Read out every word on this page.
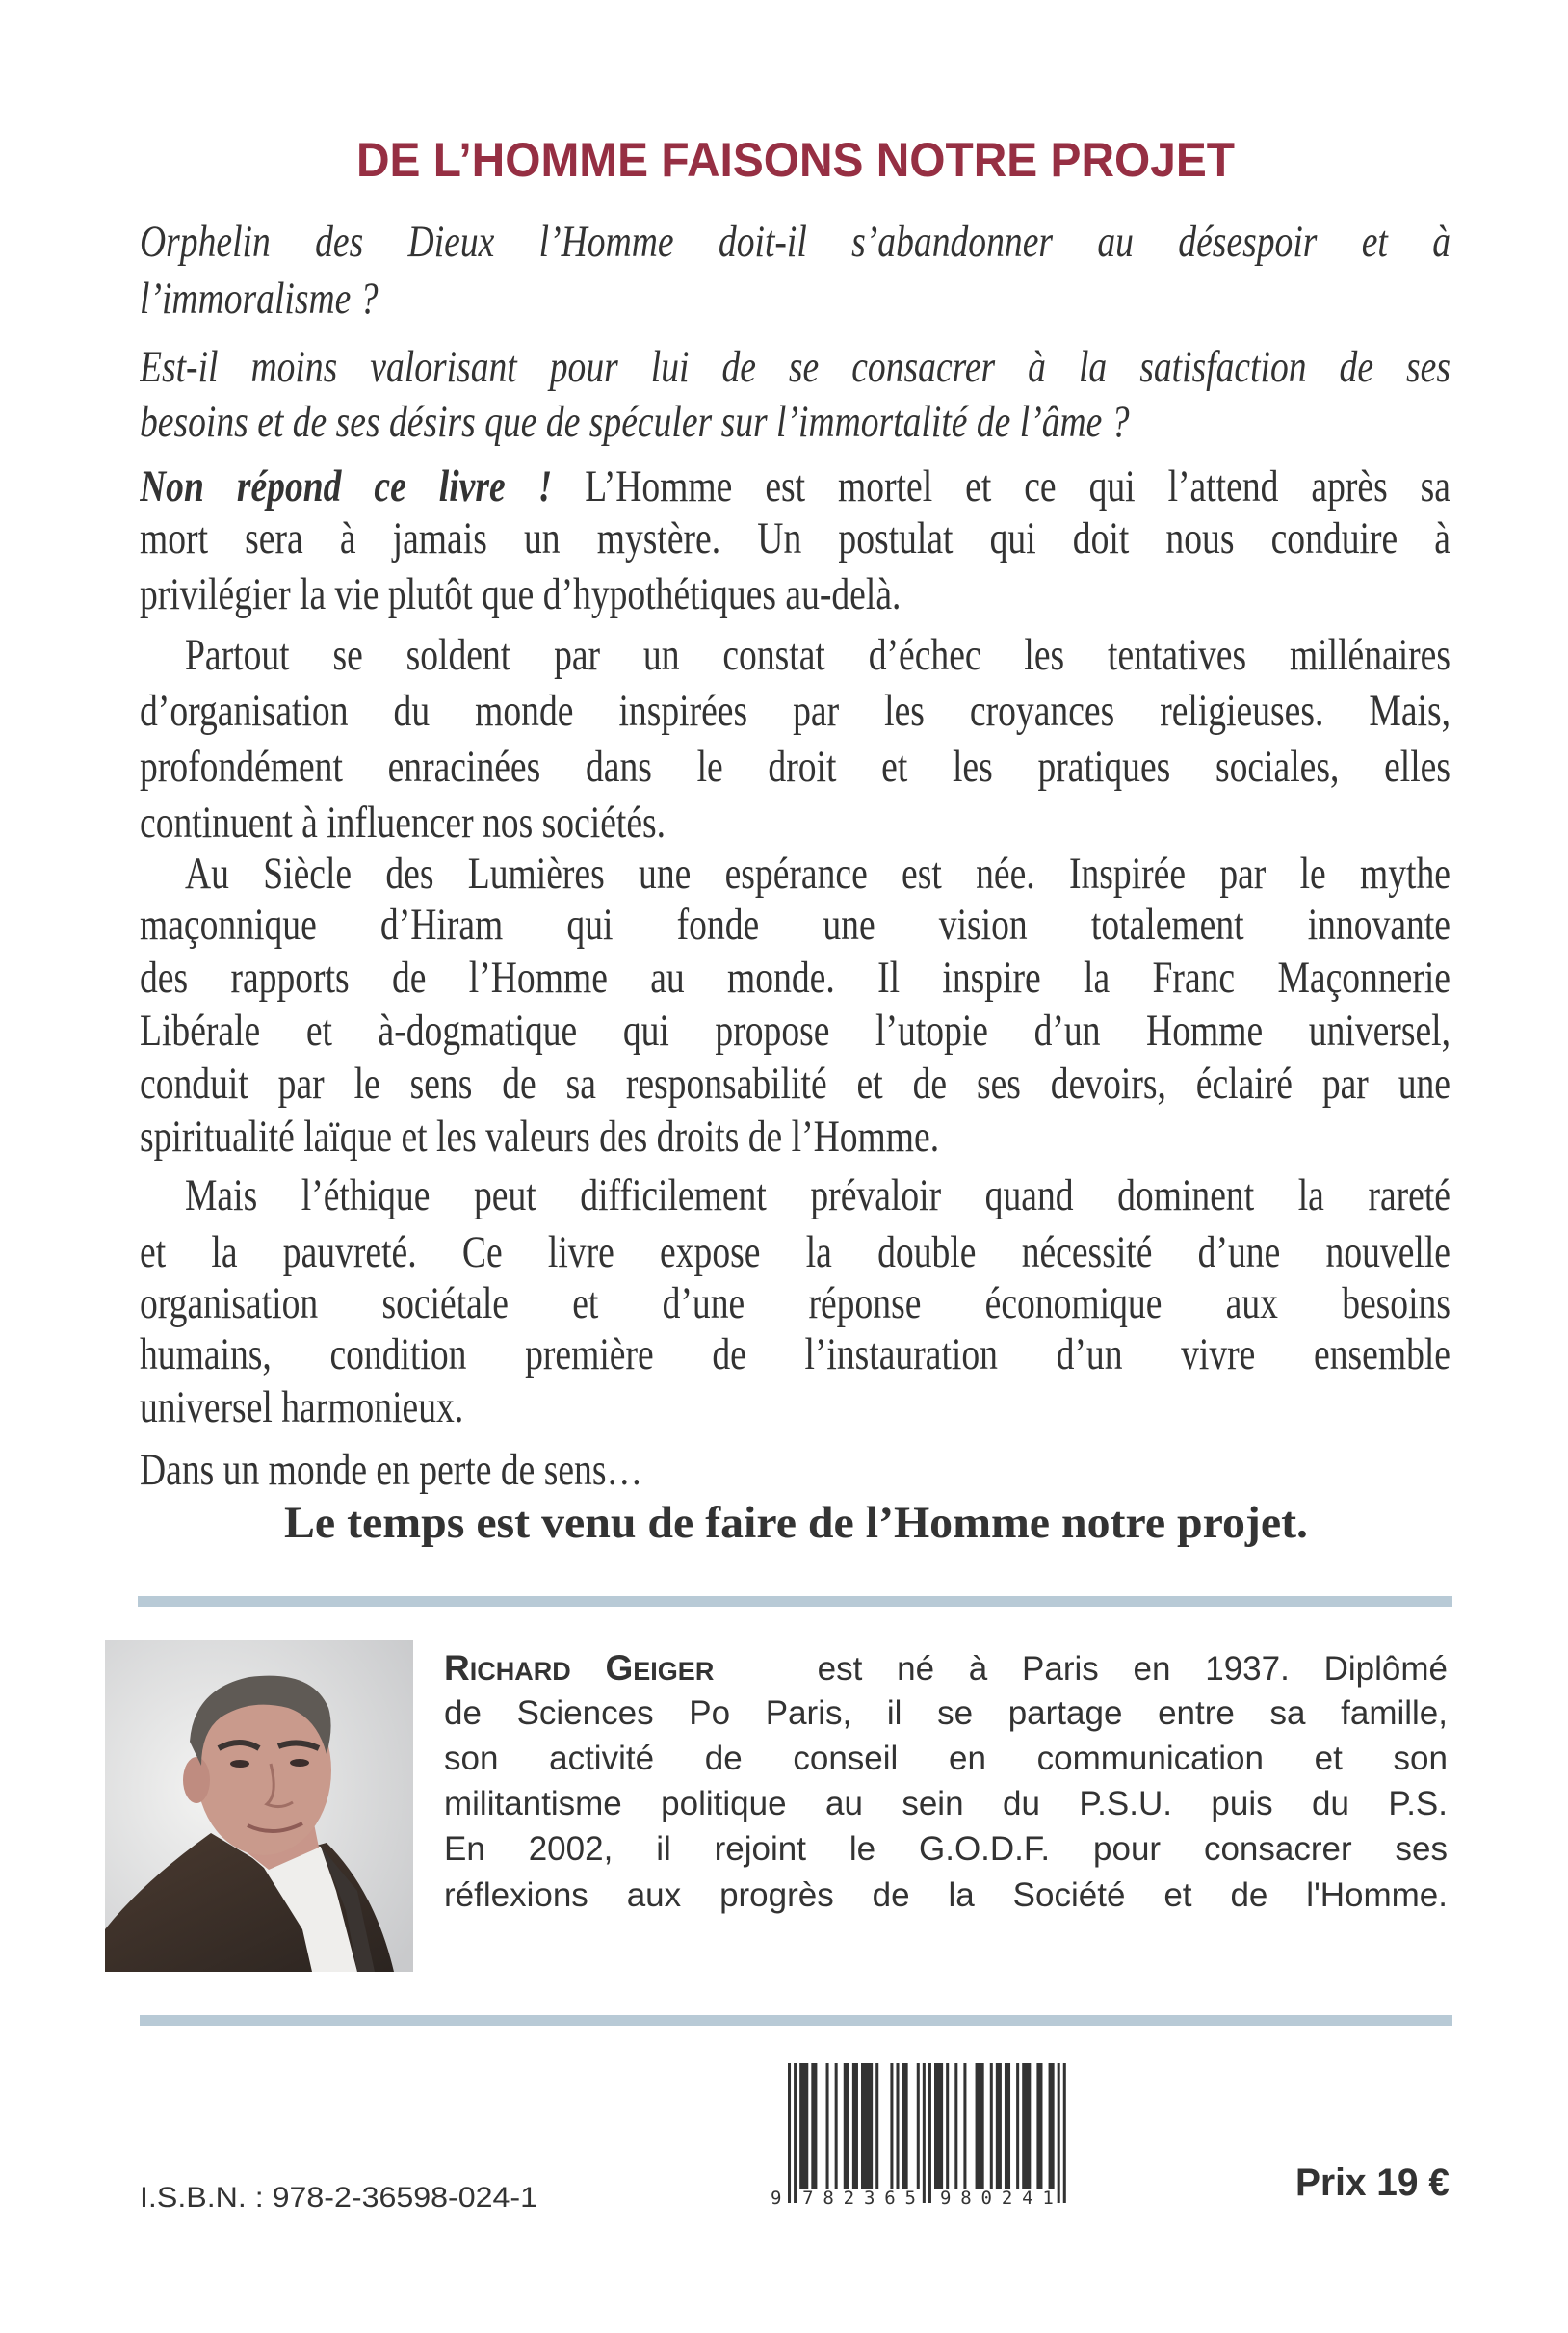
DE L’HOMME FAISONS NOTRE PROJET
Orphelin des Dieux l’Homme doit-il s’abandonner au désespoir et à
l’immoralisme ?
Est-il moins valorisant pour lui de se consacrer à la satisfaction de ses
besoins et de ses désirs que de spéculer sur l’immortalité de l’âme ?
Non répond ce livre ! L’Homme est mortel et ce qui l’attend après sa
mort sera à jamais un mystère. Un postulat qui doit nous conduire à
privilégier la vie plutôt que d’hypothétiques au-delà.
Partout se soldent par un constat d’échec les tentatives millénaires
d’organisation du monde inspirées par les croyances religieuses. Mais,
profondément enracinées dans le droit et les pratiques sociales, elles
continuent à influencer nos sociétés.
Au Siècle des Lumières une espérance est née. Inspirée par le mythe
maçonnique d’Hiram qui fonde une vision totalement innovante
des rapports de l’Homme au monde. Il inspire la Franc Maçonnerie
Libérale et à-dogmatique qui propose l’utopie d’un Homme universel,
conduit par le sens de sa responsabilité et de ses devoirs, éclairé par une
spiritualité laïque et les valeurs des droits de l’Homme.
Mais l’éthique peut difficilement prévaloir quand dominent la rareté
et la pauvreté. Ce livre expose la double nécessité d’une nouvelle
organisation sociétale et d’une réponse économique aux besoins
humains, condition première de l’instauration d’un vivre ensemble
universel harmonieux.
Dans un monde en perte de sens…
Le temps est venu de faire de l’Homme notre projet.
RICHARD GEIGER	est né à Paris en 1937. Diplômé
de Sciences Po Paris, il se partage entre sa famille,
son activité de conseil en communication et son
militantisme politique au sein du P.S.U. puis du P.S.
En 2002, il rejoint le G.O.D.F. pour consacrer ses
réflexions aux progrès de la Société et de l'Homme.
I.S.B.N. : 978-2-36598-024-1	9 7 8 2 3 6 5 9 8 0 2 4 1	Prix 19 €
